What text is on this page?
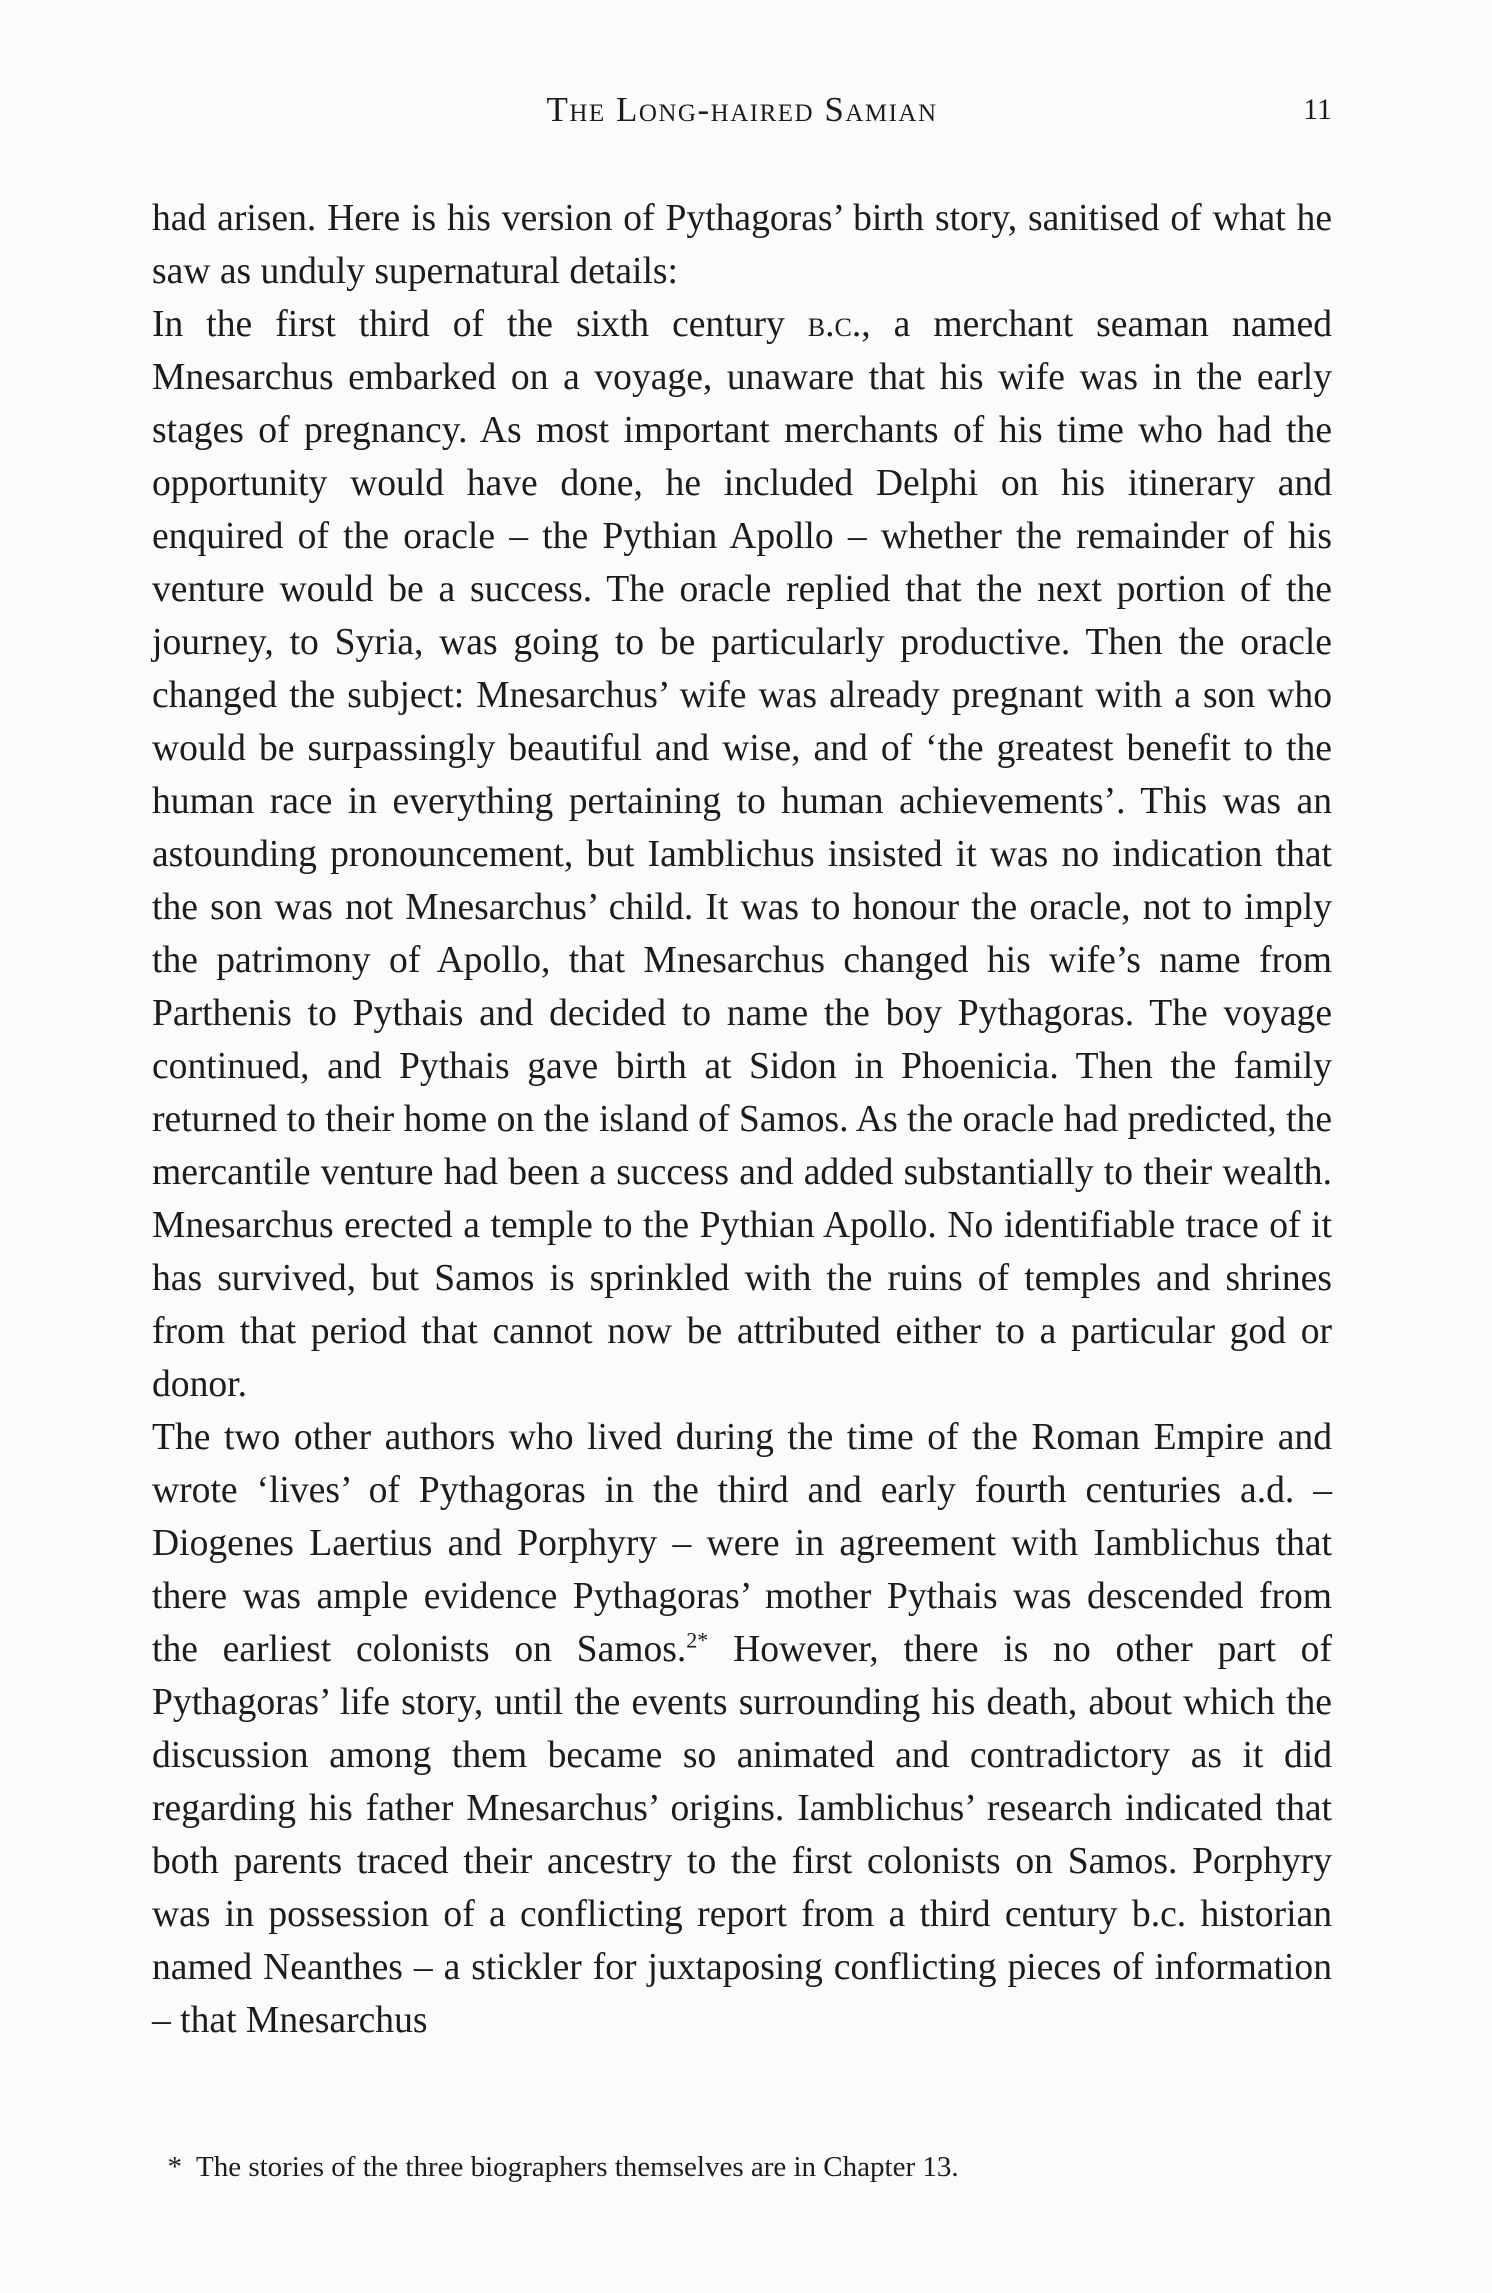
The Long-haired Samian	11

had arisen. Here is his version of Pythagoras’ birth story, sanitised of what he saw as unduly supernatural details:

In the first third of the sixth century b.c., a merchant seaman named Mnesarchus embarked on a voyage, unaware that his wife was in the early stages of pregnancy. As most important merchants of his time who had the opportunity would have done, he included Delphi on his itinerary and enquired of the oracle – the Pythian Apollo – whether the remainder of his venture would be a success. The oracle replied that the next portion of the journey, to Syria, was going to be particularly productive. Then the oracle changed the subject: Mnesarchus’ wife was already pregnant with a son who would be surpassingly beautiful and wise, and of ‘the greatest benefit to the human race in everything pertaining to human achievements’. This was an astounding pronouncement, but Iamblichus insisted it was no indication that the son was not Mnesarchus’ child. It was to honour the oracle, not to imply the patrimony of Apollo, that Mnesarchus changed his wife’s name from Parthenis to Pythais and decided to name the boy Pythagoras. The voyage continued, and Pythais gave birth at Sidon in Phoenicia. Then the family returned to their home on the island of Samos. As the oracle had predicted, the mercantile venture had been a success and added substantially to their wealth. Mnesarchus erected a temple to the Pythian Apollo. No identifiable trace of it has survived, but Samos is sprinkled with the ruins of temples and shrines from that period that cannot now be attributed either to a particular god or donor.

The two other authors who lived during the time of the Roman Empire and wrote ‘lives’ of Pythagoras in the third and early fourth centuries a.d. – Diogenes Laertius and Porphyry – were in agreement with Iamblichus that there was ample evidence Pythagoras’ mother Pythais was descended from the earliest colonists on Samos.$^{2*}$ However, there is no other part of Pythagoras’ life story, until the events surrounding his death, about which the discussion among them became so animated and contradictory as it did regarding his father Mnesarchus’ origins. Iamblichus’ research indicated that both parents traced their ancestry to the first colonists on Samos. Porphyry was in possession of a conflicting report from a third century b.c. historian named Neanthes – a stickler for juxtaposing conflicting pieces of information – that Mnesarchus

* The stories of the three biographers themselves are in Chapter 13.
